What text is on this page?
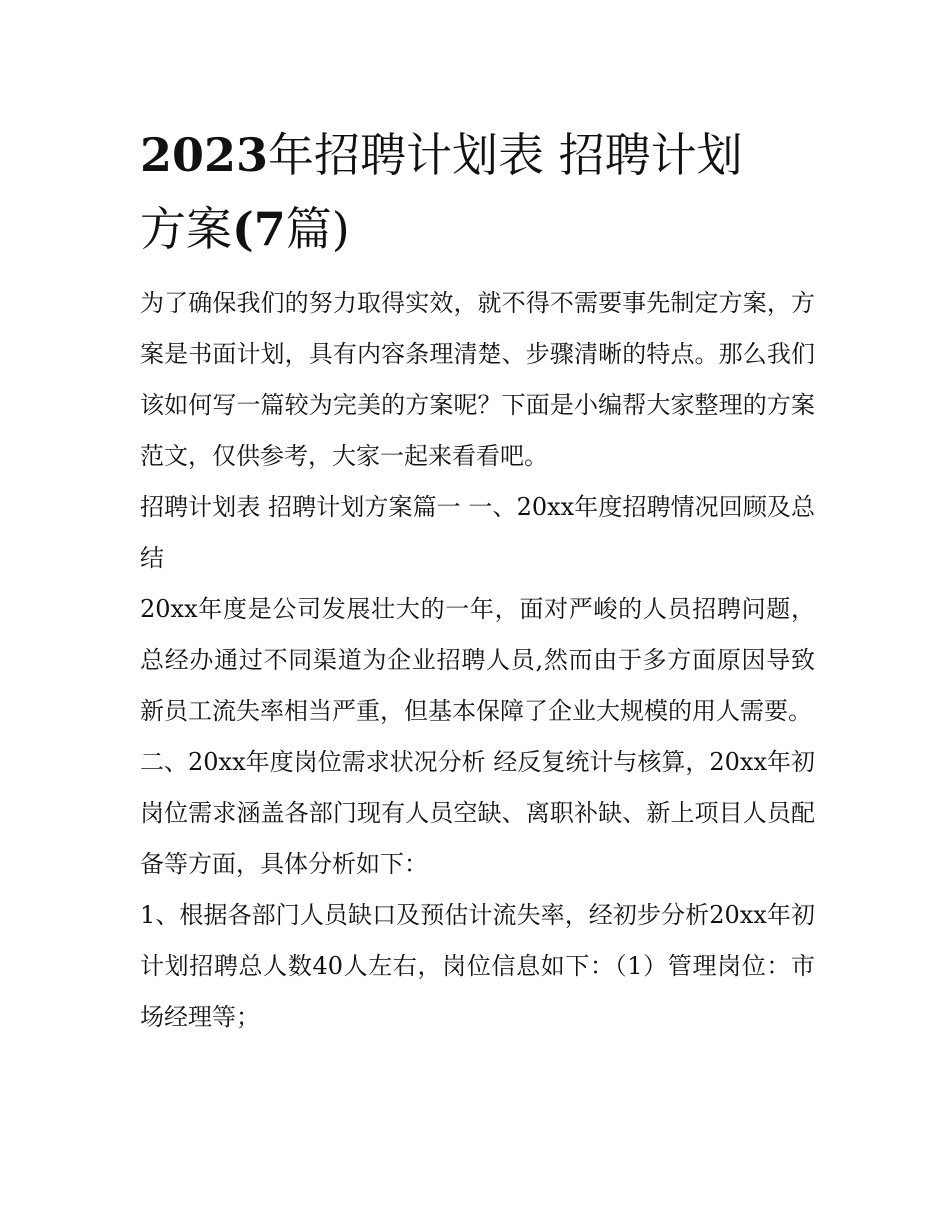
2023年招聘计划表 招聘计划
方案(7篇)

为了确保我们的努力取得实效，就不得不需要事先制定方案，方案是书面计划，具有内容条理清楚、步骤清晰的特点。那么我们该如何写一篇较为完美的方案呢？下面是小编帮大家整理的方案范文，仅供参考，大家一起来看看吧。

招聘计划表 招聘计划方案篇一 一、20xx年度招聘情况回顾及总结

20xx年度是公司发展壮大的一年，面对严峻的人员招聘问题，总经办通过不同渠道为企业招聘人员,然而由于多方面原因导致新员工流失率相当严重，但基本保障了企业大规模的用人需要。

二、20xx年度岗位需求状况分析 经反复统计与核算，20xx年初岗位需求涵盖各部门现有人员空缺、离职补缺、新上项目人员配备等方面，具体分析如下：

1、根据各部门人员缺口及预估计流失率，经初步分析20xx年初计划招聘总人数40人左右，岗位信息如下：（1）管理岗位：市场经理等；
